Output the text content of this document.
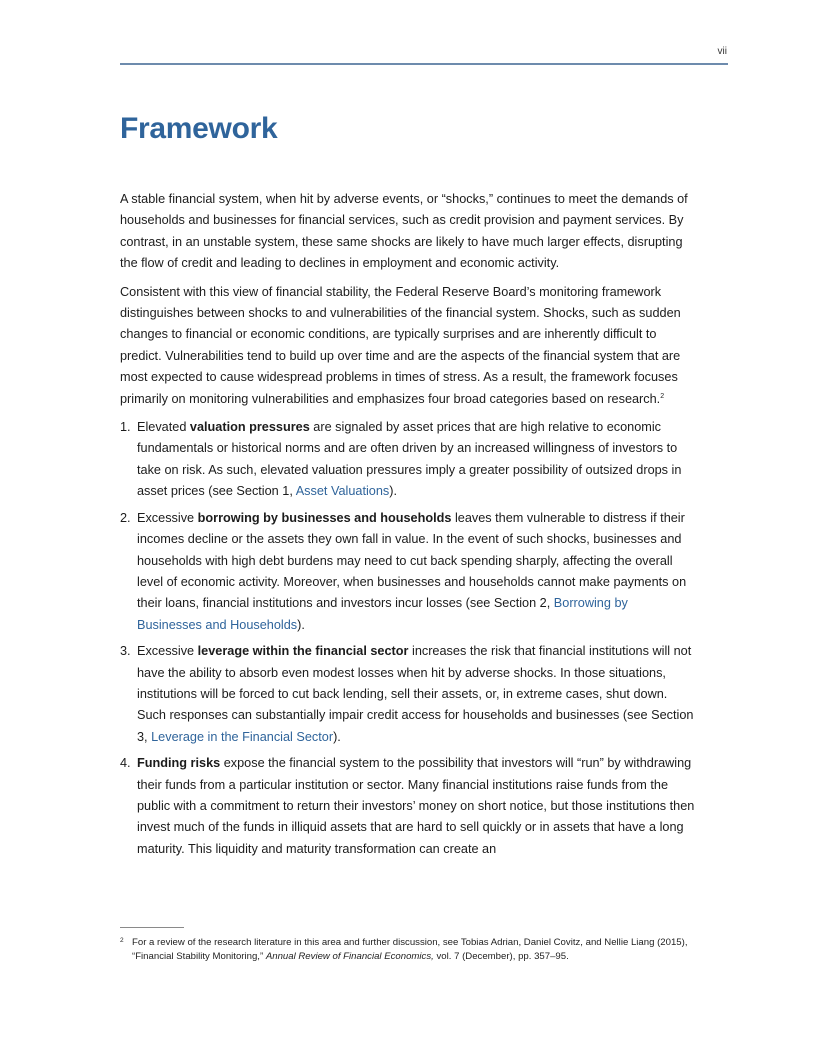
vii
Framework

A stable financial system, when hit by adverse events, or “shocks,” continues to meet the demands of households and businesses for financial services, such as credit provision and payment services. By contrast, in an unstable system, these same shocks are likely to have much larger effects, disrupting the flow of credit and leading to declines in employment and economic activity.

Consistent with this view of financial stability, the Federal Reserve Board’s monitoring framework distinguishes between shocks to and vulnerabilities of the financial system. Shocks, such as sudden changes to financial or economic conditions, are typically surprises and are inherently difficult to predict. Vulnerabilities tend to build up over time and are the aspects of the financial system that are most expected to cause widespread problems in times of stress. As a result, the framework focuses primarily on monitoring vulnerabilities and emphasizes four broad categories based on research.$^2$

1. Elevated valuation pressures are signaled by asset prices that are high relative to economic fundamentals or historical norms and are often driven by an increased willingness of investors to take on risk. As such, elevated valuation pressures imply a greater possibility of outsized drops in asset prices (see Section 1, Asset Valuations).
2. Excessive borrowing by businesses and households leaves them vulnerable to distress if their incomes decline or the assets they own fall in value. In the event of such shocks, businesses and households with high debt burdens may need to cut back spending sharply, affecting the overall level of economic activity. Moreover, when businesses and households cannot make payments on their loans, financial institutions and investors incur losses (see Section 2, Borrowing by Businesses and Households).
3. Excessive leverage within the financial sector increases the risk that financial institutions will not have the ability to absorb even modest losses when hit by adverse shocks. In those situations, institutions will be forced to cut back lending, sell their assets, or, in extreme cases, shut down. Such responses can substantially impair credit access for households and businesses (see Section 3, Leverage in the Financial Sector).
4. Funding risks expose the financial system to the possibility that investors will “run” by withdrawing their funds from a particular institution or sector. Many financial institutions raise funds from the public with a commitment to return their investors’ money on short notice, but those institutions then invest much of the funds in illiquid assets that are hard to sell quickly or in assets that have a long maturity. This liquidity and maturity transformation can create an
2 For a review of the research literature in this area and further discussion, see Tobias Adrian, Daniel Covitz, and Nellie Liang (2015), “Financial Stability Monitoring,” Annual Review of Financial Economics, vol. 7 (December), pp. 357–95.
